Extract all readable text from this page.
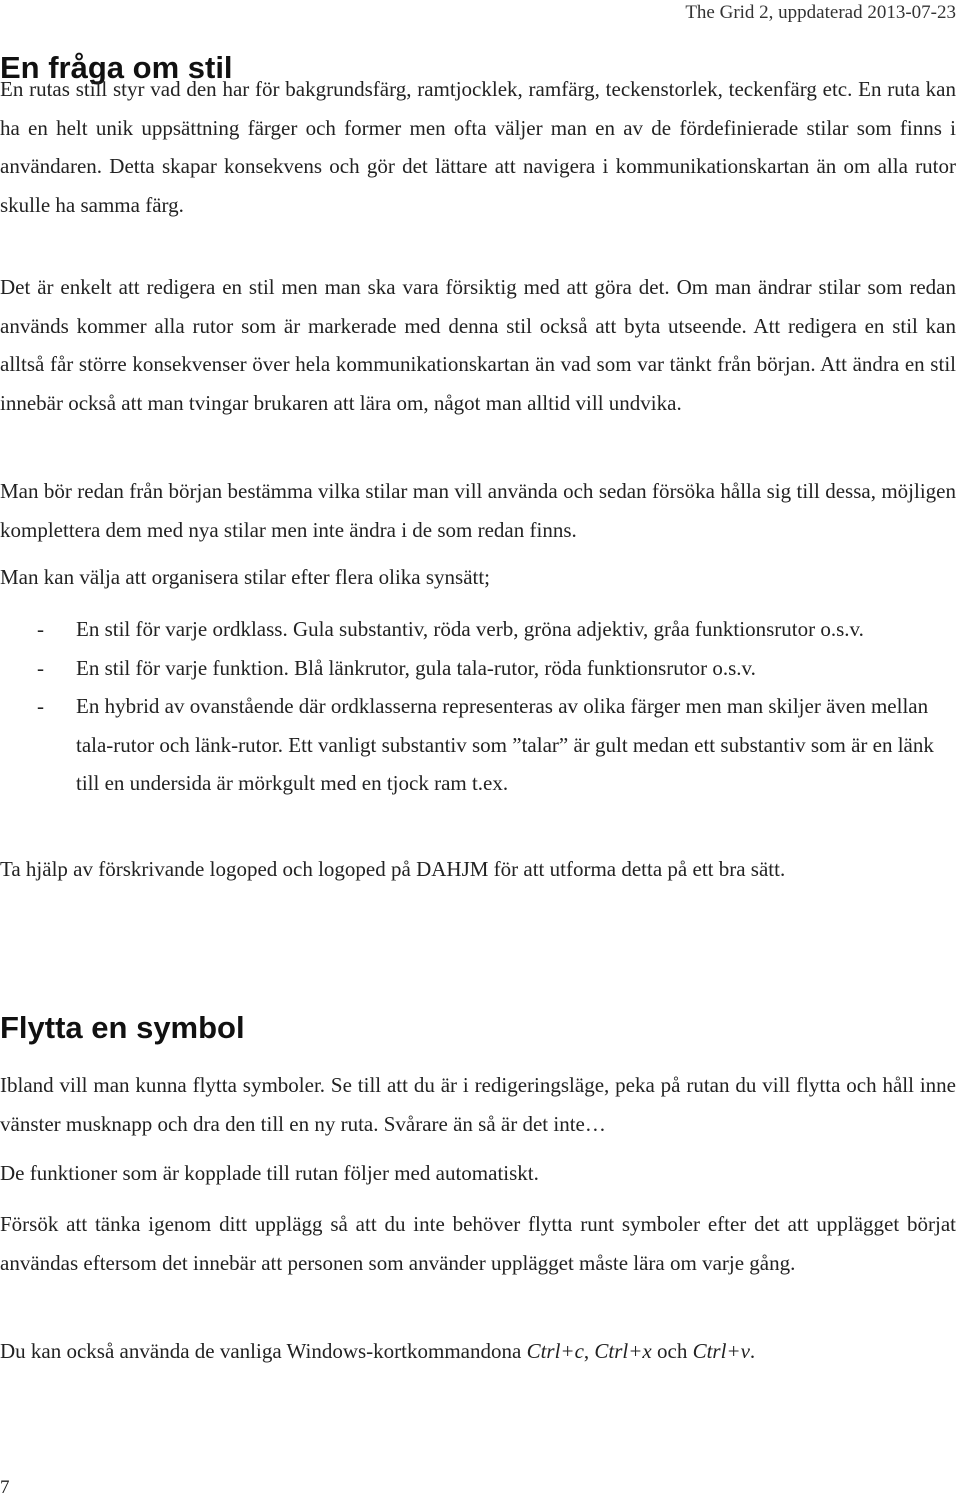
The Grid 2, uppdaterad 2013-07-23
En fråga om stil

En rutas still styr vad den har för bakgrundsfärg, ramtjocklek, ramfärg, teckenstorlek, teckenfärg etc. En ruta kan ha en helt unik uppsättning färger och former men ofta väljer man en av de fördefinierade stilar som finns i användaren. Detta skapar konsekvens och gör det lättare att navigera i kommunikationskartan än om alla rutor skulle ha samma färg.

Det är enkelt att redigera en stil men man ska vara försiktig med att göra det. Om man ändrar stilar som redan används kommer alla rutor som är markerade med denna stil också att byta utseende. Att redigera en stil kan alltså får större konsekvenser över hela kommunikationskartan än vad som var tänkt från början. Att ändra en stil innebär också att man tvingar brukaren att lära om, något man alltid vill undvika.

Man bör redan från början bestämma vilka stilar man vill använda och sedan försöka hålla sig till dessa, möjligen komplettera dem med nya stilar men inte ändra i de som redan finns.

Man kan välja att organisera stilar efter flera olika synsätt;

- En stil för varje ordklass. Gula substantiv, röda verb, gröna adjektiv, gråa funktionsrutor o.s.v.
- En stil för varje funktion. Blå länkrutor, gula tala-rutor, röda funktionsrutor o.s.v.
- En hybrid av ovanstående där ordklasserna representeras av olika färger men man skiljer även mellan tala-rutor och länk-rutor. Ett vanligt substantiv som ”talar” är gult medan ett substantiv som är en länk till en undersida är mörkgult med en tjock ram t.ex.

Ta hjälp av förskrivande logoped och logoped på DAHJM för att utforma detta på ett bra sätt.

Flytta en symbol

Ibland vill man kunna flytta symboler. Se till att du är i redigeringsläge, peka på rutan du vill flytta och håll inne vänster musknapp och dra den till en ny ruta. Svårare än så är det inte…

De funktioner som är kopplade till rutan följer med automatiskt.

Försök att tänka igenom ditt upplägg så att du inte behöver flytta runt symboler efter det att upplägget börjat användas eftersom det innebär att personen som använder upplägget måste lära om varje gång.

Du kan också använda de vanliga Windows-kortkommandona Ctrl+c, Ctrl+x och Ctrl+v.

7
